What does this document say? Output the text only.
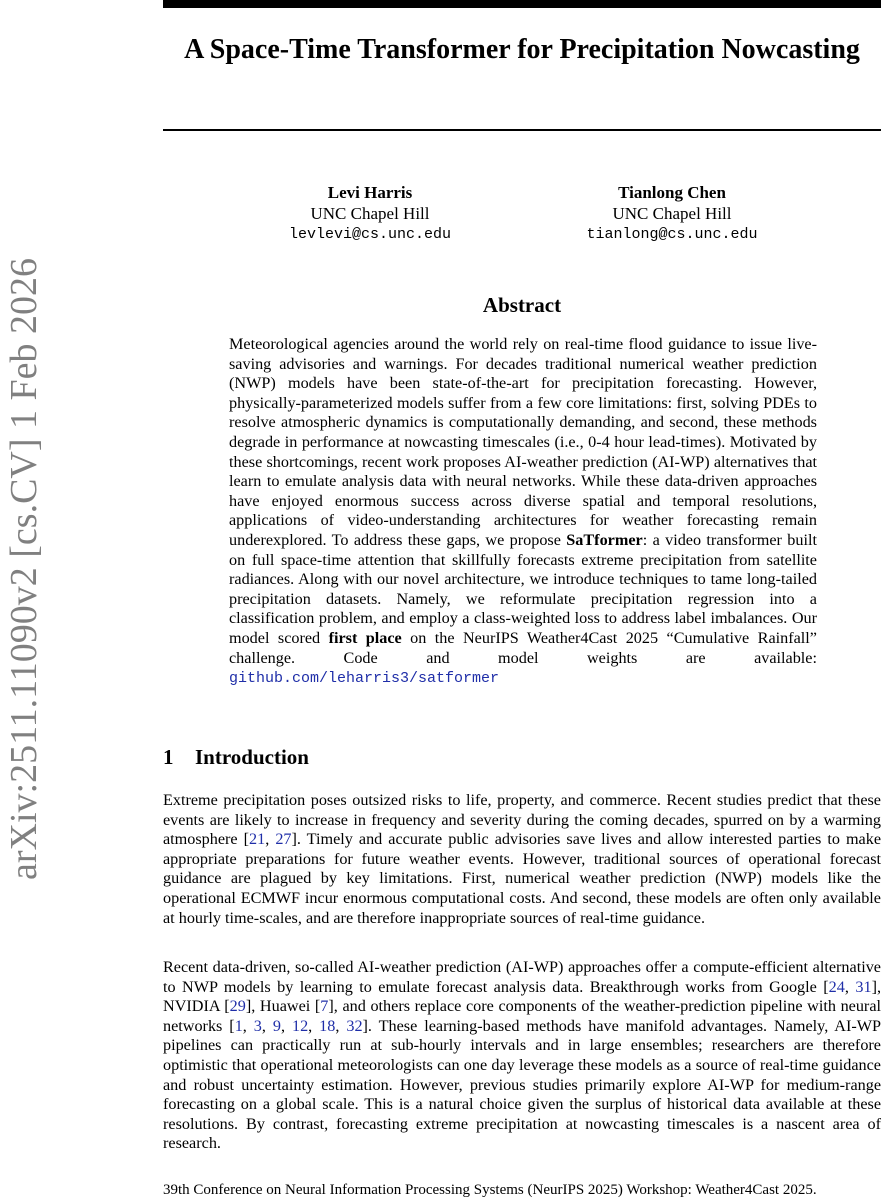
arXiv:2511.11090v2 [cs.CV] 1 Feb 2026
A Space-Time Transformer for Precipitation Nowcasting
Levi Harris
UNC Chapel Hill
levlevi@cs.unc.edu
Tianlong Chen
UNC Chapel Hill
tianlong@cs.unc.edu
Abstract
Meteorological agencies around the world rely on real-time flood guidance to issue live-saving advisories and warnings. For decades traditional numerical weather prediction (NWP) models have been state-of-the-art for precipitation forecasting. However, physically-parameterized models suffer from a few core limitations: first, solving PDEs to resolve atmospheric dynamics is computationally demanding, and second, these methods degrade in performance at nowcasting timescales (i.e., 0-4 hour lead-times). Motivated by these shortcomings, recent work proposes AI-weather prediction (AI-WP) alternatives that learn to emulate analysis data with neural networks. While these data-driven approaches have enjoyed enormous success across diverse spatial and temporal resolutions, applications of video-understanding architectures for weather forecasting remain underexplored. To address these gaps, we propose SaTformer: a video transformer built on full space-time attention that skillfully forecasts extreme precipitation from satellite radiances. Along with our novel architecture, we introduce techniques to tame long-tailed precipitation datasets. Namely, we reformulate precipitation regression into a classification problem, and employ a class-weighted loss to address label imbalances. Our model scored first place on the NeurIPS Weather4Cast 2025 “Cumulative Rainfall” challenge. Code and model weights are available: github.com/leharris3/satformer
1 Introduction
Extreme precipitation poses outsized risks to life, property, and commerce. Recent studies predict that these events are likely to increase in frequency and severity during the coming decades, spurred on by a warming atmosphere [21, 27]. Timely and accurate public advisories save lives and allow interested parties to make appropriate preparations for future weather events. However, traditional sources of operational forecast guidance are plagued by key limitations. First, numerical weather prediction (NWP) models like the operational ECMWF incur enormous computational costs. And second, these models are often only available at hourly time-scales, and are therefore inappropriate sources of real-time guidance.
Recent data-driven, so-called AI-weather prediction (AI-WP) approaches offer a compute-efficient alternative to NWP models by learning to emulate forecast analysis data. Breakthrough works from Google [24, 31], NVIDIA [29], Huawei [7], and others replace core components of the weather-prediction pipeline with neural networks [1, 3, 9, 12, 18, 32]. These learning-based methods have manifold advantages. Namely, AI-WP pipelines can practically run at sub-hourly intervals and in large ensembles; researchers are therefore optimistic that operational meteorologists can one day leverage these models as a source of real-time guidance and robust uncertainty estimation. However, previous studies primarily explore AI-WP for medium-range forecasting on a global scale. This is a natural choice given the surplus of historical data available at these resolutions. By contrast, forecasting extreme precipitation at nowcasting timescales is a nascent area of research.
39th Conference on Neural Information Processing Systems (NeurIPS 2025) Workshop: Weather4Cast 2025.
